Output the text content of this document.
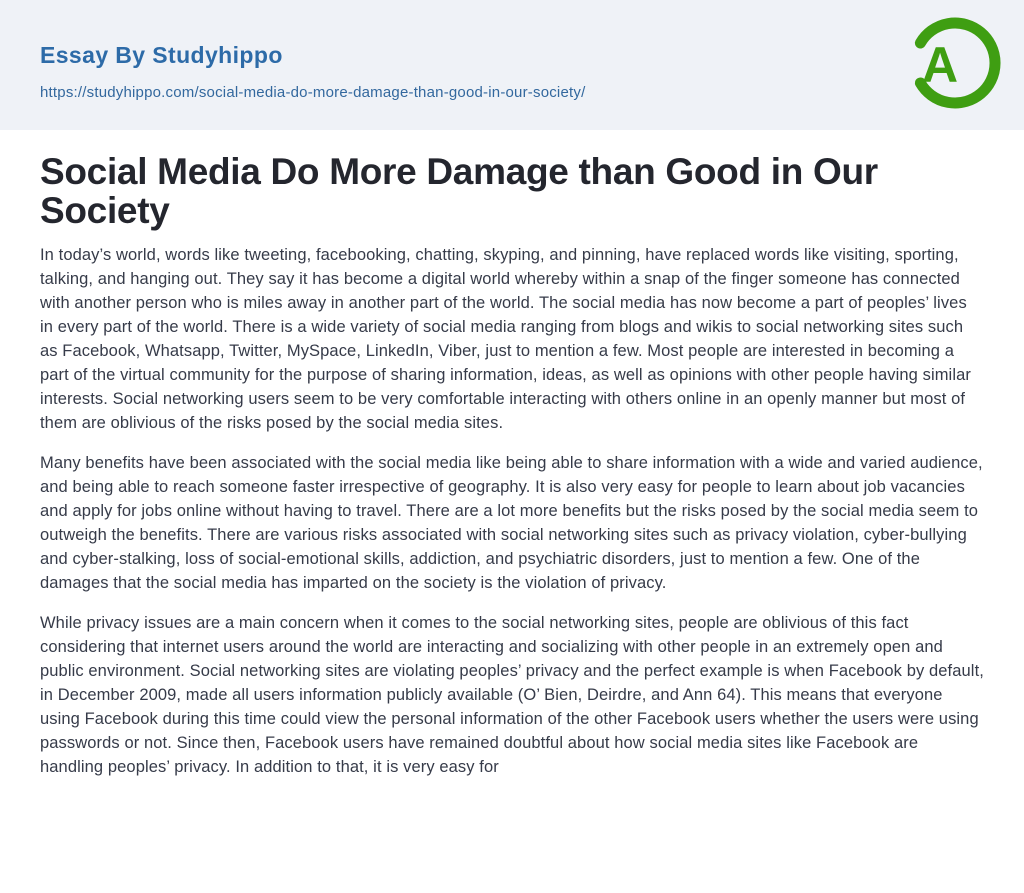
Essay By Studyhippo
https://studyhippo.com/social-media-do-more-damage-than-good-in-our-society/	A
Social Media Do More Damage than Good in Our Society

In today’s world, words like tweeting, facebooking, chatting, skyping, and pinning, have replaced words like visiting, sporting, talking, and hanging out. They say it has become a digital world whereby within a snap of the finger someone has connected with another person who is miles away in another part of the world. The social media has now become a part of peoples’ lives in every part of the world. There is a wide variety of social media ranging from blogs and wikis to social networking sites such as Facebook, Whatsapp, Twitter, MySpace, LinkedIn, Viber, just to mention a few. Most people are interested in becoming a part of the virtual community for the purpose of sharing information, ideas, as well as opinions with other people having similar interests. Social networking users seem to be very comfortable interacting with others online in an openly manner but most of them are oblivious of the risks posed by the social media sites.

Many benefits have been associated with the social media like being able to share information with a wide and varied audience, and being able to reach someone faster irrespective of geography. It is also very easy for people to learn about job vacancies and apply for jobs online without having to travel. There are a lot more benefits but the risks posed by the social media seem to outweigh the benefits. There are various risks associated with social networking sites such as privacy violation, cyber-bullying and cyber-stalking, loss of social-emotional skills, addiction, and psychiatric disorders, just to mention a few. One of the damages that the social media has imparted on the society is the violation of privacy.

While privacy issues are a main concern when it comes to the social networking sites, people are oblivious of this fact considering that internet users around the world are interacting and socializing with other people in an extremely open and public environment. Social networking sites are violating peoples’ privacy and the perfect example is when Facebook by default, in December 2009, made all users information publicly available (O’ Bien, Deirdre, and Ann 64). This means that everyone using Facebook during this time could view the personal information of the other Facebook users whether the users were using passwords or not. Since then, Facebook users have remained doubtful about how social media sites like Facebook are handling peoples’ privacy. In addition to that, it is very easy for
